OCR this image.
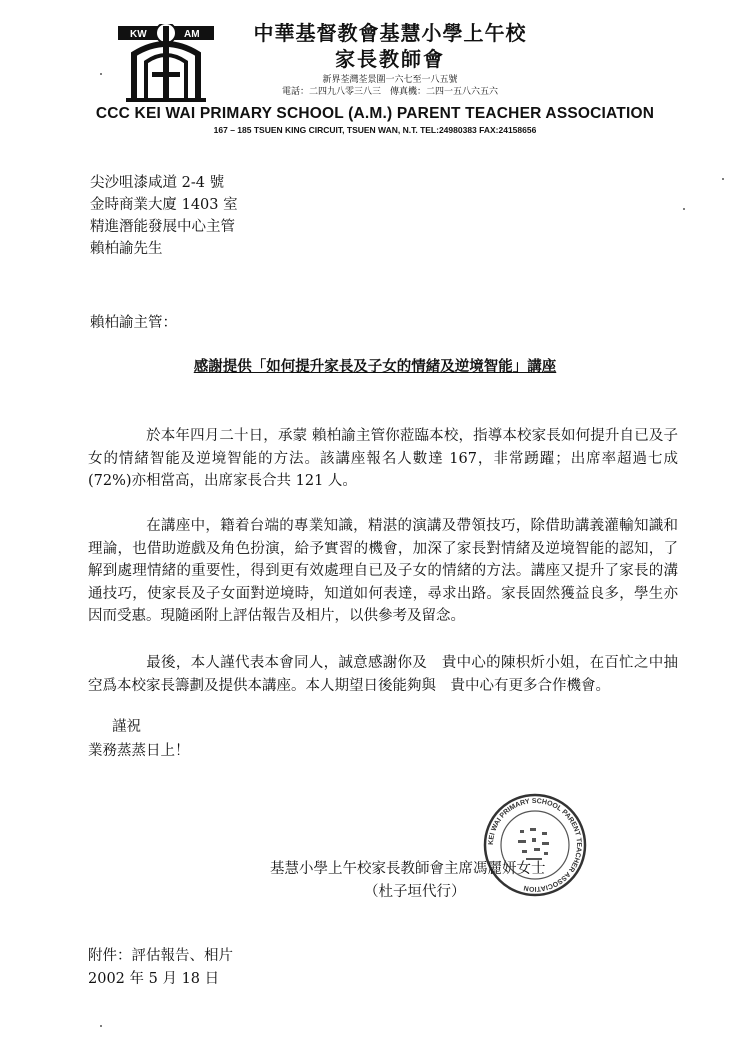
KW	AM	中華基督教會基慧小學上午校
家長教師會
新界荃灣荃景圍一六七至一八五號
電話：二四九八零三八三　傳真機：二四一五八六五六
CCC KEI WAI PRIMARY SCHOOL (A.M.) PARENT TEACHER ASSOCIATION
167 – 185 TSUEN KING CIRCUIT, TSUEN WAN, N.T. TEL:24980383 FAX:24158656
尖沙咀漆咸道 2-4 號
金時商業大廈 1403 室
精進潛能發展中心主管
賴柏諭先生
賴柏諭主管：
感謝提供「如何提升家長及子女的情緒及逆境智能」講座
於本年四月二十日，承蒙 賴柏諭主管你蒞臨本校，指導本校家長如何提升自已及子女的情緒智能及逆境智能的方法。該講座報名人數達 167，非常踴躍；出席率超過七成(72%)亦相當高，出席家長合共 121 人。
在講座中，籍着台端的專業知識，精湛的演講及帶領技巧，除借助講義灌輸知識和理論，也借助遊戲及角色扮演，給予實習的機會，加深了家長對情緒及逆境智能的認知，了解到處理情緒的重要性，得到更有效處理自已及子女的情緒的方法。講座又提升了家長的溝通技巧，使家長及子女面對逆境時，知道如何表達，尋求出路。家長固然獲益良多，學生亦因而受惠。現隨函附上評估報告及相片，以供參考及留念。
最後，本人謹代表本會同人，誠意感謝你及　貴中心的陳枳炘小姐，在百忙之中抽空爲本校家長籌劃及提供本講座。本人期望日後能夠與　貴中心有更多合作機會。
謹祝
業務蒸蒸日上！
KEI WAI PRIMARY SCHOOL PARENT TEACHER ASSOCIATION
基慧小學上午校家長教師會主席馮麗妍女士
（杜子垣代行）
附件：評估報告、相片
2002 年 5 月 18 日
